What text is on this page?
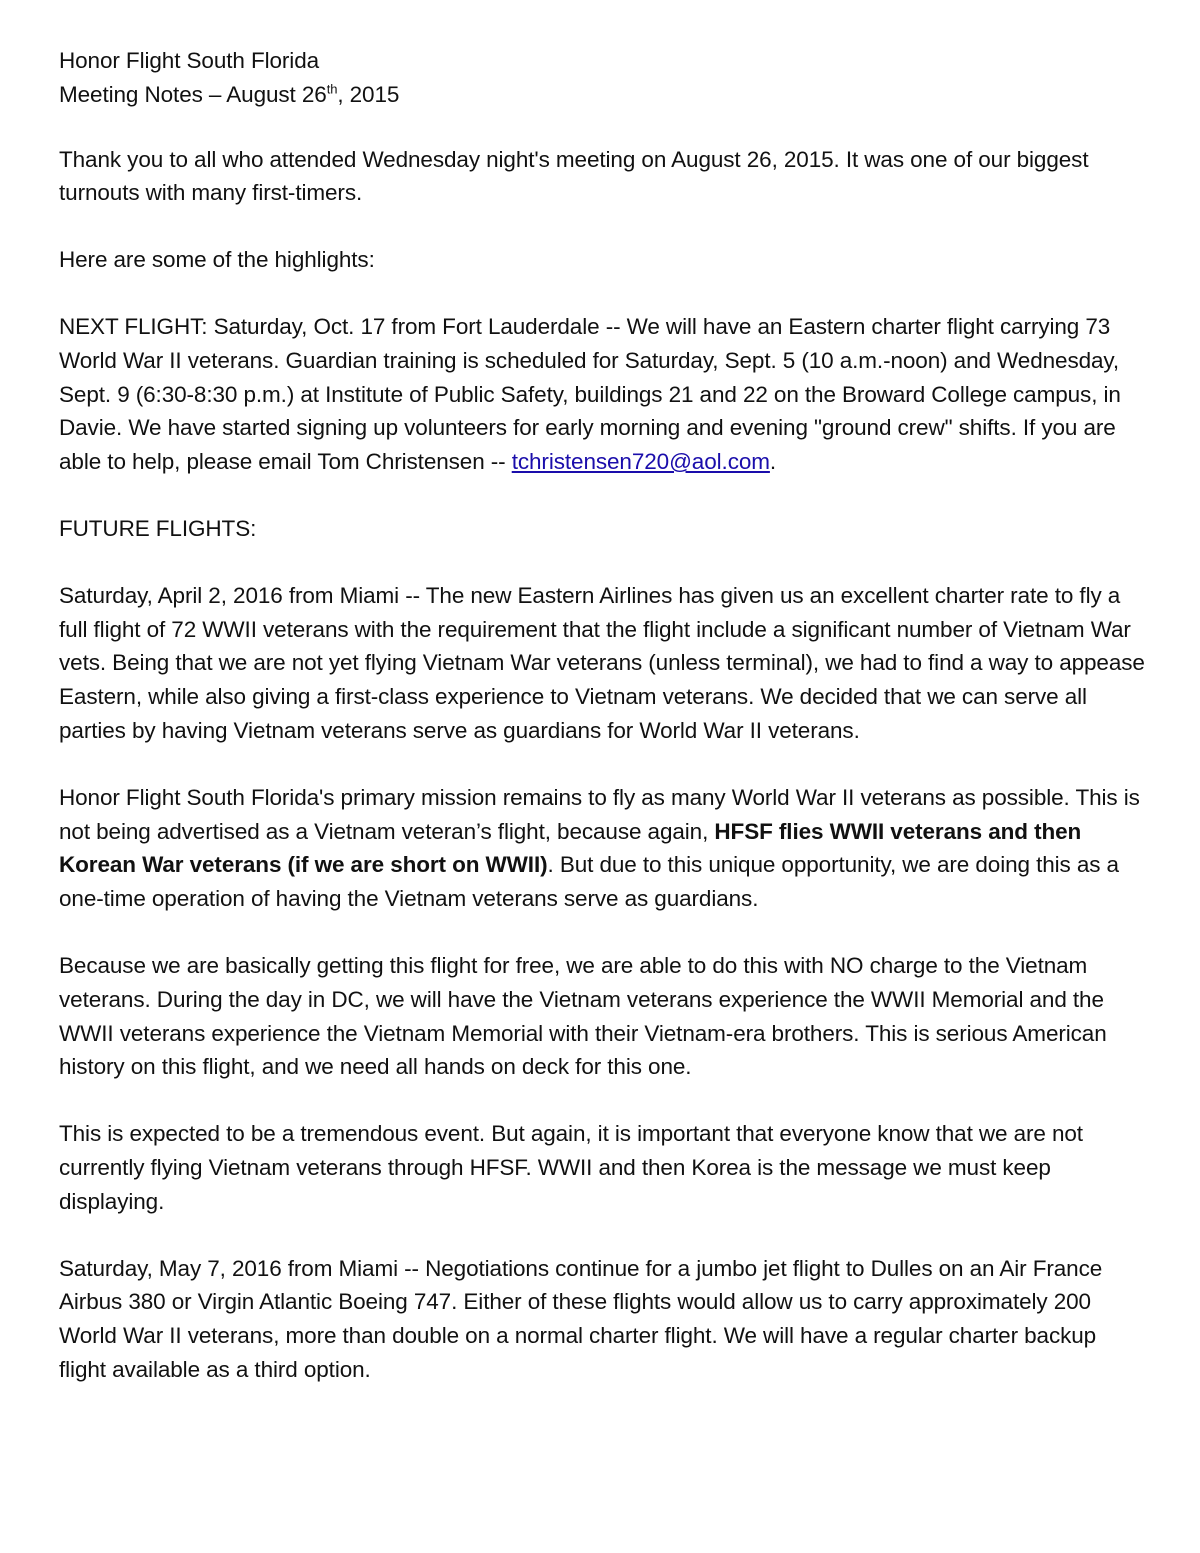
Honor Flight South Florida

Meeting Notes – August 26th, 2015

Thank you to all who attended Wednesday night's meeting on August 26, 2015. It was one of our biggest turnouts with many first-timers.

Here are some of the highlights:

NEXT FLIGHT: Saturday, Oct. 17 from Fort Lauderdale -- We will have an Eastern charter flight carrying 73 World War II veterans. Guardian training is scheduled for Saturday, Sept. 5 (10 a.m.-noon) and Wednesday, Sept. 9 (6:30-8:30 p.m.) at Institute of Public Safety, buildings 21 and 22 on the Broward College campus, in Davie. We have started signing up volunteers for early morning and evening "ground crew" shifts. If you are able to help, please email Tom Christensen -- tchristensen720@aol.com.

FUTURE FLIGHTS:

Saturday, April 2, 2016 from Miami -- The new Eastern Airlines has given us an excellent charter rate to fly a full flight of 72 WWII veterans with the requirement that the flight include a significant number of Vietnam War vets. Being that we are not yet flying Vietnam War veterans (unless terminal), we had to find a way to appease Eastern, while also giving a first-class experience to Vietnam veterans. We decided that we can serve all parties by having Vietnam veterans serve as guardians for World War II veterans.

Honor Flight South Florida's primary mission remains to fly as many World War II veterans as possible. This is not being advertised as a Vietnam veteran’s flight, because again, HFSF flies WWII veterans and then Korean War veterans (if we are short on WWII). But due to this unique opportunity, we are doing this as a one-time operation of having the Vietnam veterans serve as guardians.

Because we are basically getting this flight for free, we are able to do this with NO charge to the Vietnam veterans. During the day in DC, we will have the Vietnam veterans experience the WWII Memorial and the WWII veterans experience the Vietnam Memorial with their Vietnam-era brothers. This is serious American history on this flight, and we need all hands on deck for this one.

This is expected to be a tremendous event. But again, it is important that everyone know that we are not currently flying Vietnam veterans through HFSF. WWII and then Korea is the message we must keep displaying.

Saturday, May 7, 2016 from Miami -- Negotiations continue for a jumbo jet flight to Dulles on an Air France Airbus 380 or Virgin Atlantic Boeing 747. Either of these flights would allow us to carry approximately 200 World War II veterans, more than double on a normal charter flight. We will have a regular charter backup flight available as a third option.
